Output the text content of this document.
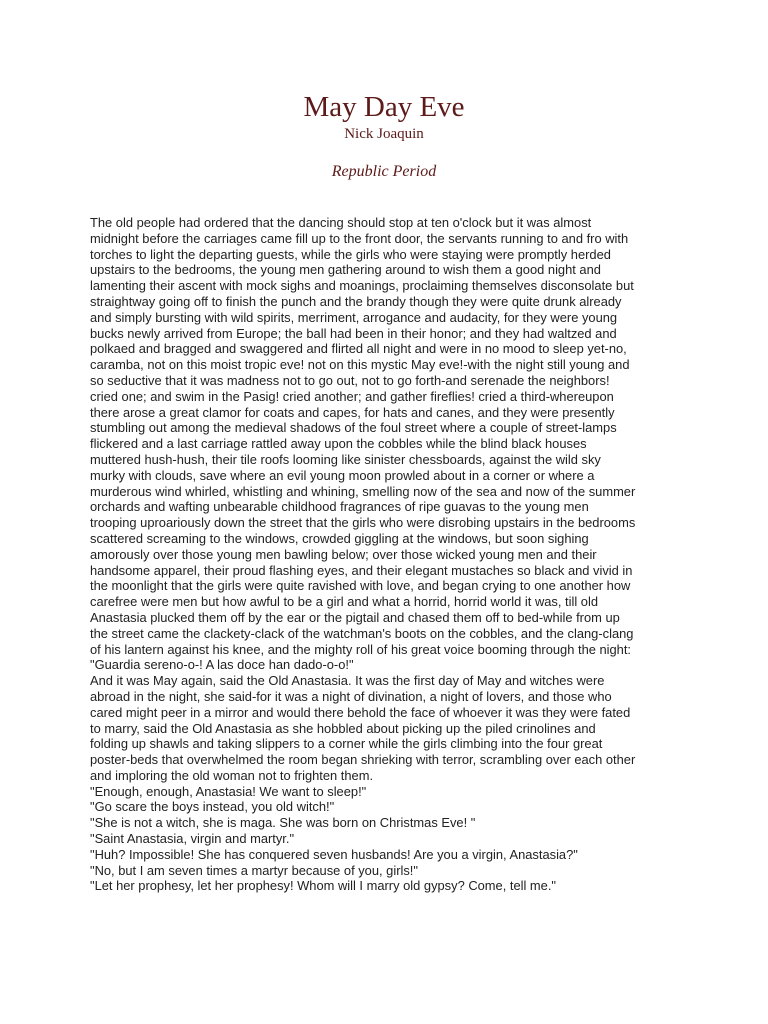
May Day Eve
Nick Joaquin
Republic Period
The old people had ordered that the dancing should stop at ten o'clock but it was almost
midnight before the carriages came fill up to the front door, the servants running to and fro with
torches to light the departing guests, while the girls who were staying were promptly herded
upstairs to the bedrooms, the young men gathering around to wish them a good night and
lamenting their ascent with mock sighs and moanings, proclaiming themselves disconsolate but
straightway going off to finish the punch and the brandy though they were quite drunk already
and simply bursting with wild spirits, merriment, arrogance and audacity, for they were young
bucks newly arrived from Europe; the ball had been in their honor; and they had waltzed and
polkaed and bragged and swaggered and flirted all night and were in no mood to sleep yet-no,
caramba, not on this moist tropic eve! not on this mystic May eve!-with the night still young and
so seductive that it was madness not to go out, not to go forth-and serenade the neighbors!
cried one; and swim in the Pasig! cried another; and gather fireflies! cried a third-whereupon
there arose a great clamor for coats and capes, for hats and canes, and they were presently
stumbling out among the medieval shadows of the foul street where a couple of street-lamps
flickered and a last carriage rattled away upon the cobbles while the blind black houses
muttered hush-hush, their tile roofs looming like sinister chessboards, against the wild sky
murky with clouds, save where an evil young moon prowled about in a corner or where a
murderous wind whirled, whistling and whining, smelling now of the sea and now of the summer
orchards and wafting unbearable childhood fragrances of ripe guavas to the young men
trooping uproariously down the street that the girls who were disrobing upstairs in the bedrooms
scattered screaming to the windows, crowded giggling at the windows, but soon sighing
amorously over those young men bawling below; over those wicked young men and their
handsome apparel, their proud flashing eyes, and their elegant mustaches so black and vivid in
the moonlight that the girls were quite ravished with love, and began crying to one another how
carefree were men but how awful to be a girl and what a horrid, horrid world it was, till old
Anastasia plucked them off by the ear or the pigtail and chased them off to bed-while from up
the street came the clackety-clack of the watchman's boots on the cobbles, and the clang-clang
of his lantern against his knee, and the mighty roll of his great voice booming through the night:
"Guardia sereno-o-! A las doce han dado-o-o!"
And it was May again, said the Old Anastasia. It was the first day of May and witches were
abroad in the night, she said-for it was a night of divination, a night of lovers, and those who
cared might peer in a mirror and would there behold the face of whoever it was they were fated
to marry, said the Old Anastasia as she hobbled about picking up the piled crinolines and
folding up shawls and taking slippers to a corner while the girls climbing into the four great
poster-beds that overwhelmed the room began shrieking with terror, scrambling over each other
and imploring the old woman not to frighten them.
"Enough, enough, Anastasia! We want to sleep!"
"Go scare the boys instead, you old witch!"
"She is not a witch, she is maga. She was born on Christmas Eve! "
"Saint Anastasia, virgin and martyr."
"Huh? Impossible! She has conquered seven husbands! Are you a virgin, Anastasia?"
"No, but I am seven times a martyr because of you, girls!"
"Let her prophesy, let her prophesy! Whom will I marry old gypsy? Come, tell me."
